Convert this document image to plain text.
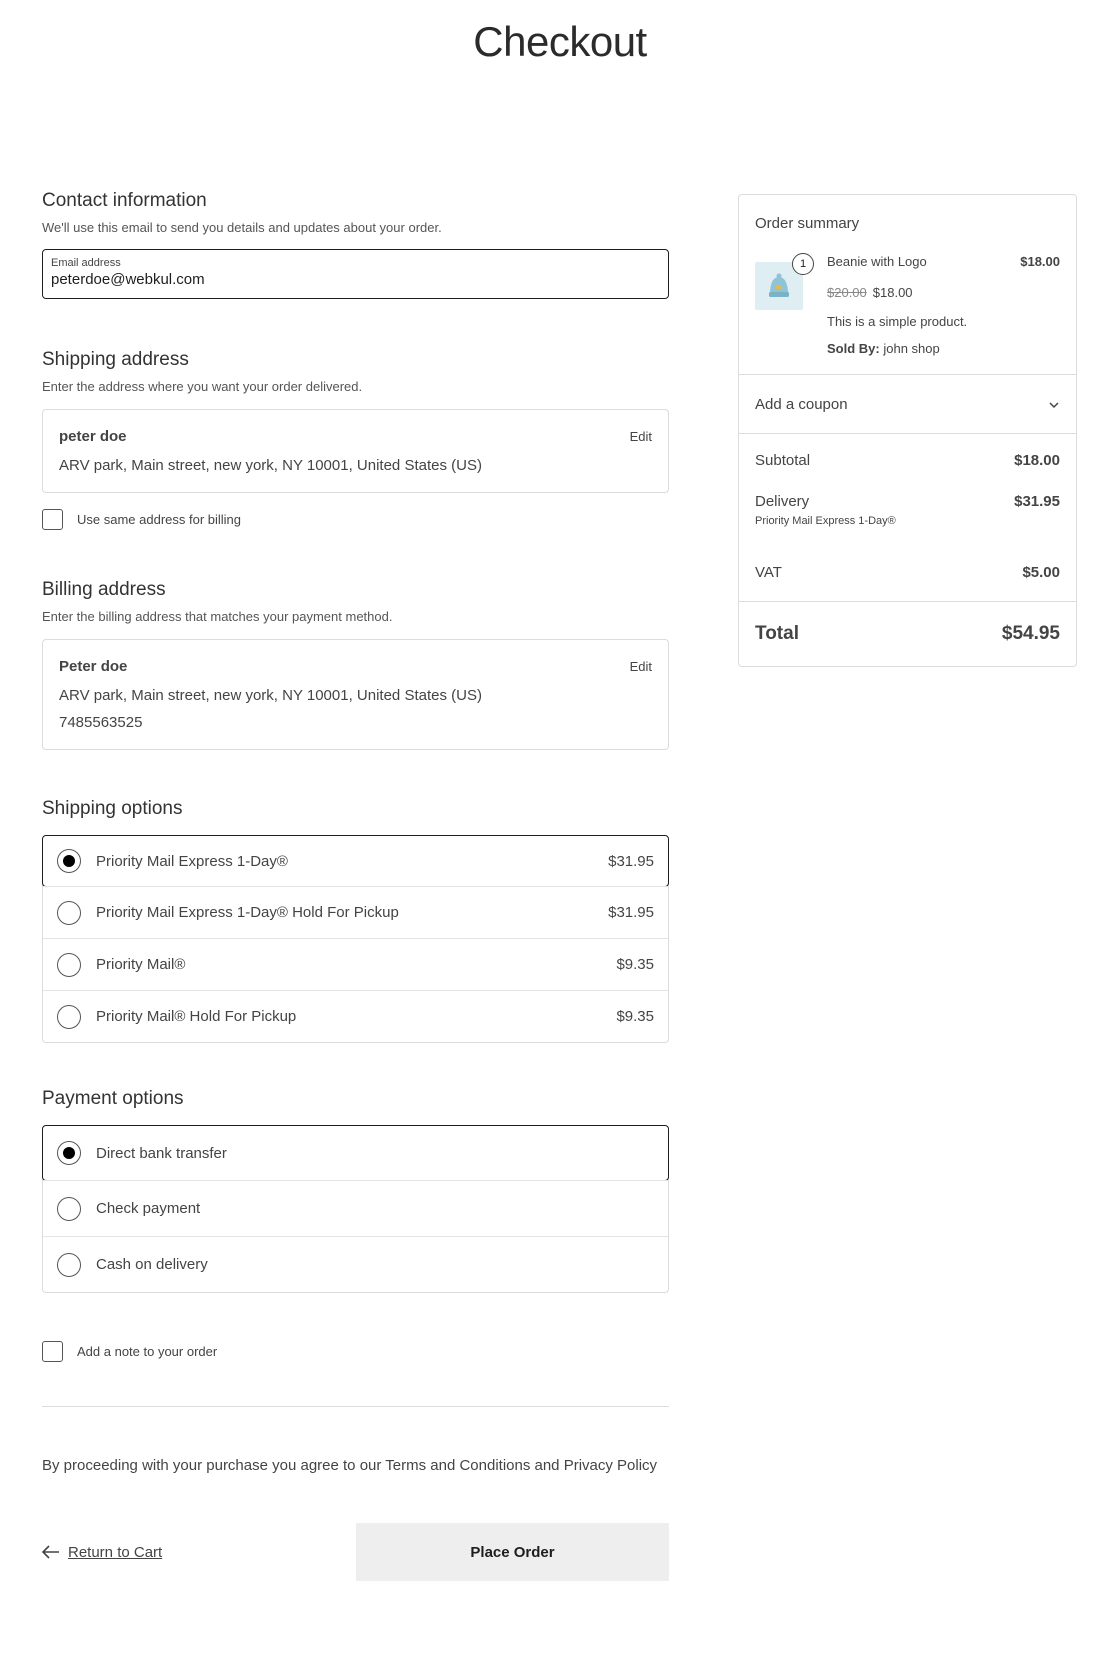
Checkout
Contact information

We'll use this email to send you details and updates about your order.

Email address
peterdoe@webkul.com
Shipping address

Enter the address where you want your order delivered.

peter doe
ARV park, Main street, new york, NY 10001, United States (US)
Edit
Use same address for billing
Billing address

Enter the billing address that matches your payment method.

Peter doe
ARV park, Main street, new york, NY 10001, United States (US)
7485563525
Edit
Shipping options
Priority Mail Express 1-Day®	$31.95
Priority Mail Express 1-Day® Hold For Pickup	$31.95
Priority Mail®	$9.35
Priority Mail® Hold For Pickup	$9.35
Payment options
Direct bank transfer
Check payment
Cash on delivery
Add a note to your order

By proceeding with your purchase you agree to our Terms and Conditions and Privacy Policy

Return to Cart	Place Order
Order summary
1	Beanie with Logo
$20.00 $18.00
This is a simple product.
Sold By: john shop
$18.00
Add a coupon
Subtotal	$18.00
Delivery	$31.95
Priority Mail Express 1-Day®
VAT	$5.00
Total	$54.95
